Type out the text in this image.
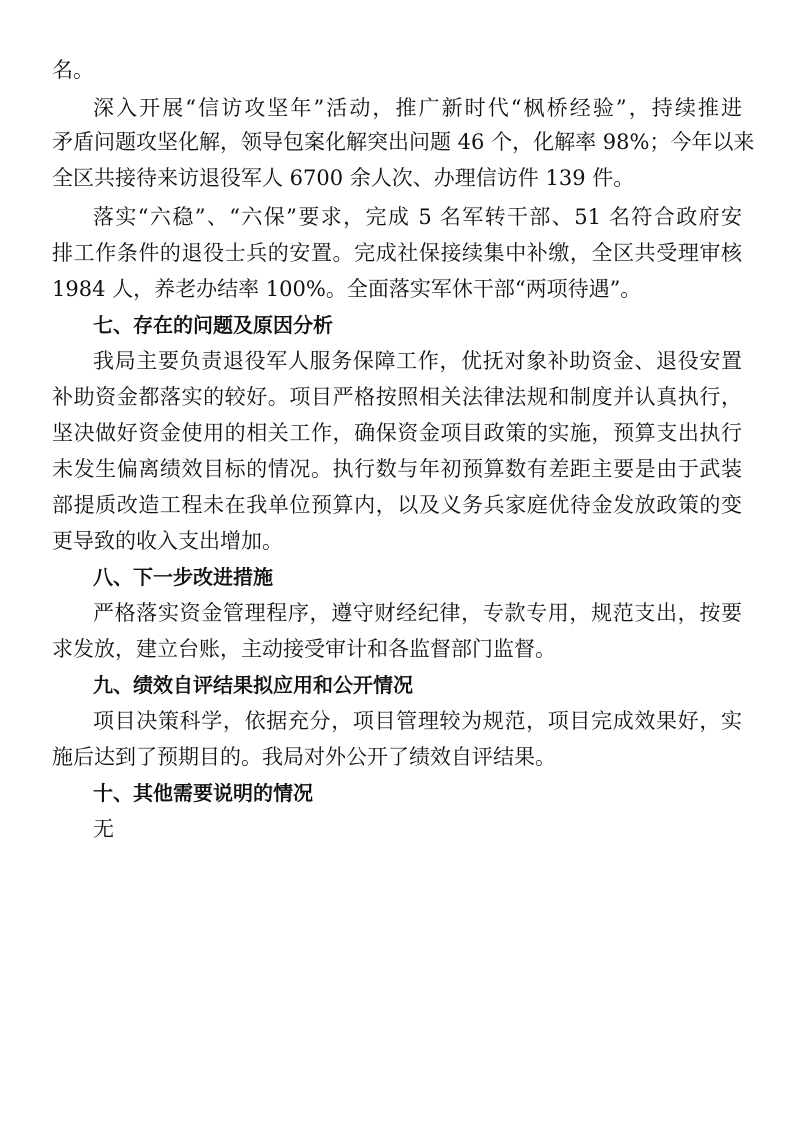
名。
深入开展“信访攻坚年”活动，推广新时代“枫桥经验”，持续推进
矛盾问题攻坚化解，领导包案化解突出问题 46 个，化解率 98%；今年以来
全区共接待来访退役军人 6700 余人次、办理信访件 139 件。
落实“六稳”、“六保”要求，完成 5 名军转干部、51 名符合政府安
排工作条件的退役士兵的安置。完成社保接续集中补缴，全区共受理审核
1984 人，养老办结率 100%。全面落实军休干部“两项待遇”。
七、存在的问题及原因分析
我局主要负责退役军人服务保障工作，优抚对象补助资金、退役安置
补助资金都落实的较好。项目严格按照相关法律法规和制度并认真执行，
坚决做好资金使用的相关工作，确保资金项目政策的实施，预算支出执行
未发生偏离绩效目标的情况。执行数与年初预算数有差距主要是由于武装
部提质改造工程未在我单位预算内，以及义务兵家庭优待金发放政策的变
更导致的收入支出增加。
八、下一步改进措施
严格落实资金管理程序，遵守财经纪律，专款专用，规范支出，按要
求发放，建立台账，主动接受审计和各监督部门监督。
九、绩效自评结果拟应用和公开情况
项目决策科学，依据充分，项目管理较为规范，项目完成效果好，实
施后达到了预期目的。我局对外公开了绩效自评结果。
十、其他需要说明的情况
无
